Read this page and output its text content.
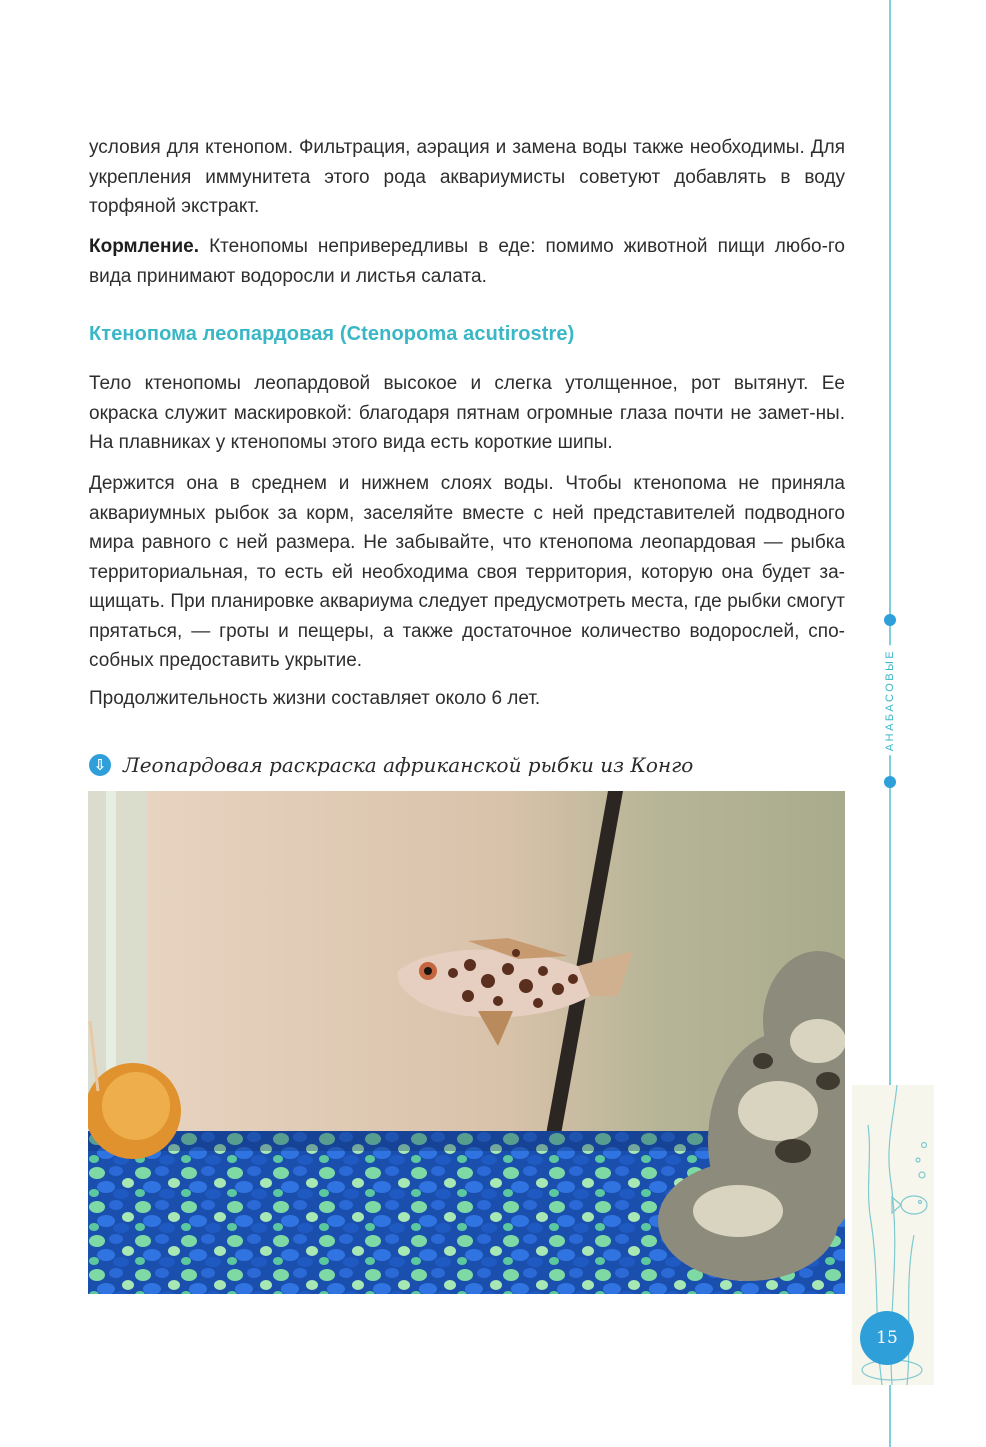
условия для ктенопом. Фильтрация, аэрация и замена воды также необходимы. Для укрепления иммунитета этого рода аквариумисты советуют добавлять в воду торфяной экстракт.

Кормление. Ктенопомы непривередливы в еде: помимо животной пищи любо-го вида принимают водоросли и листья салата.

Ктенопома леопардовая (Ctenopoma acutirostre)

Тело ктенопомы леопардовой высокое и слегка утолщенное, рот вытянут. Ее окраска служит маскировкой: благодаря пятнам огромные глаза почти не замет-ны. На плавниках у ктенопомы этого вида есть короткие шипы.

Держится она в среднем и нижнем слоях воды. Чтобы ктенопома не приняла аквариумных рыбок за корм, заселяйте вместе с ней представителей подводного мира равного с ней размера. Не забывайте, что ктенопома леопардовая — рыбка территориальная, то есть ей необходима своя территория, которую она будет за-щищать. При планировке аквариума следует предусмотреть места, где рыбки смогут прятаться, — гроты и пещеры, а также достаточное количество водорослей, спо-собных предоставить укрытие.

Продолжительность жизни составляет около 6 лет.

⇩ Леопардовая раскраска африканской рыбки из Конго
АНАБАСОВЫЕ
15
